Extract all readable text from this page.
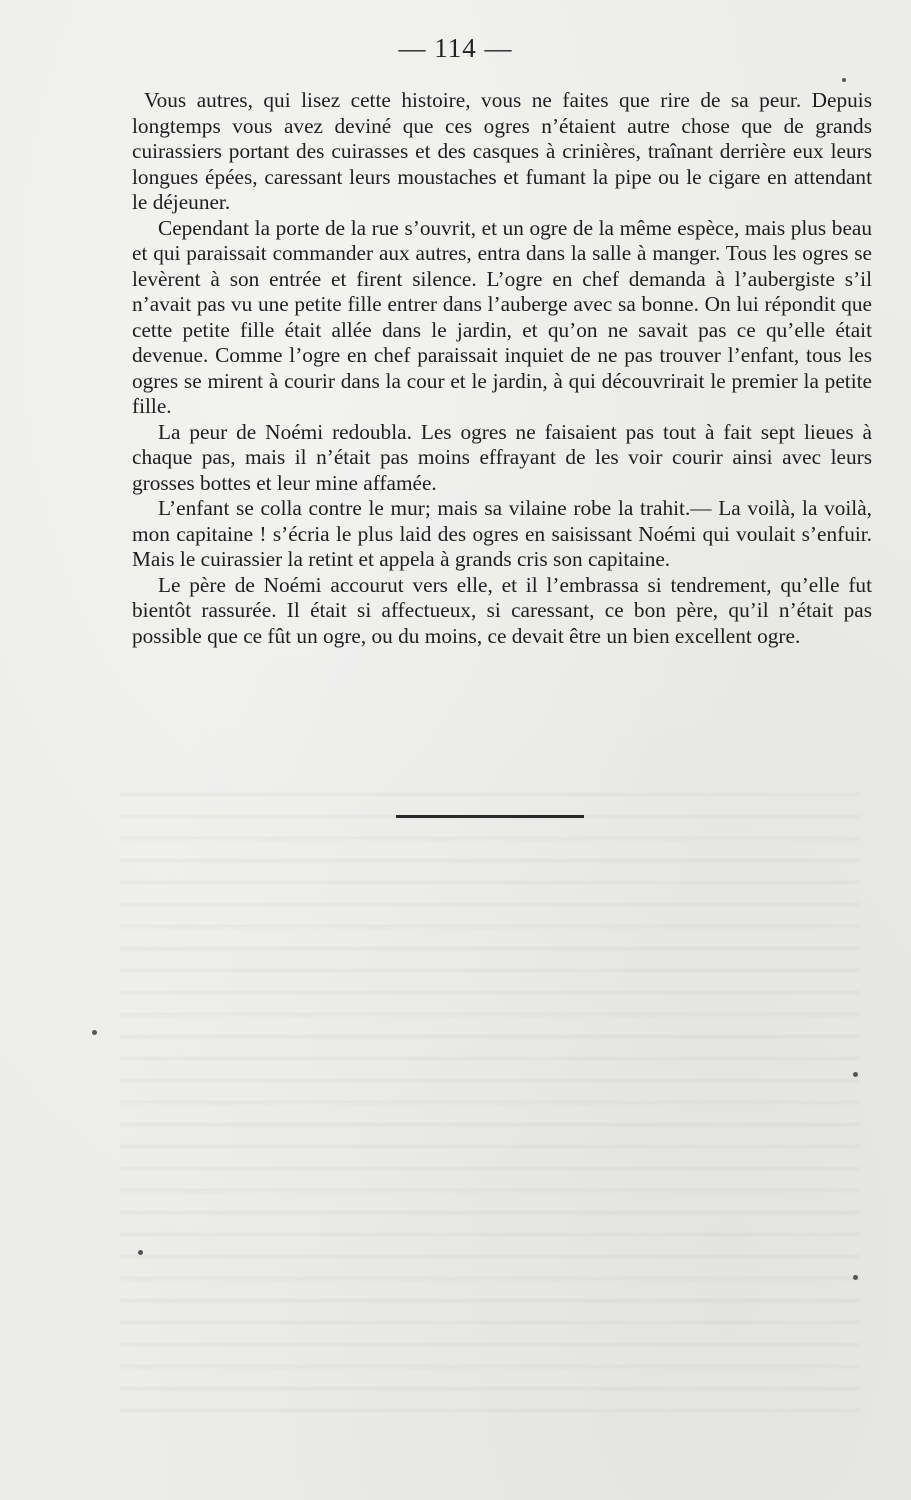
— 114 —

Vous autres, qui lisez cette histoire, vous ne faites que rire de sa peur. Depuis longtemps vous avez deviné que ces ogres n’étaient autre chose que de grands cuirassiers portant des cuirasses et des casques à crinières, traînant derrière eux leurs longues épées, caressant leurs moustaches et fumant la pipe ou le cigare en attendant le déjeuner.

Cependant la porte de la rue s’ouvrit, et un ogre de la même espèce, mais plus beau et qui paraissait commander aux autres, entra dans la salle à manger. Tous les ogres se levèrent à son entrée et firent silence. L’ogre en chef demanda à l’aubergiste s’il n’avait pas vu une petite fille entrer dans l’auberge avec sa bonne. On lui répondit que cette petite fille était allée dans le jardin, et qu’on ne savait pas ce qu’elle était devenue. Comme l’ogre en chef paraissait inquiet de ne pas trouver l’enfant, tous les ogres se mirent à courir dans la cour et le jardin, à qui découvrirait le premier la petite fille.

La peur de Noémi redoubla. Les ogres ne faisaient pas tout à fait sept lieues à chaque pas, mais il n’était pas moins effrayant de les voir courir ainsi avec leurs grosses bottes et leur mine affamée.

L’enfant se colla contre le mur; mais sa vilaine robe la trahit.— La voilà, la voilà, mon capitaine ! s’écria le plus laid des ogres en saisissant Noémi qui voulait s’enfuir. Mais le cuirassier la retint et appela à grands cris son capitaine.

Le père de Noémi accourut vers elle, et il l’embrassa si tendrement, qu’elle fut bientôt rassurée. Il était si affectueux, si caressant, ce bon père, qu’il n’était pas possible que ce fût un ogre, ou du moins, ce devait être un bien excellent ogre.
